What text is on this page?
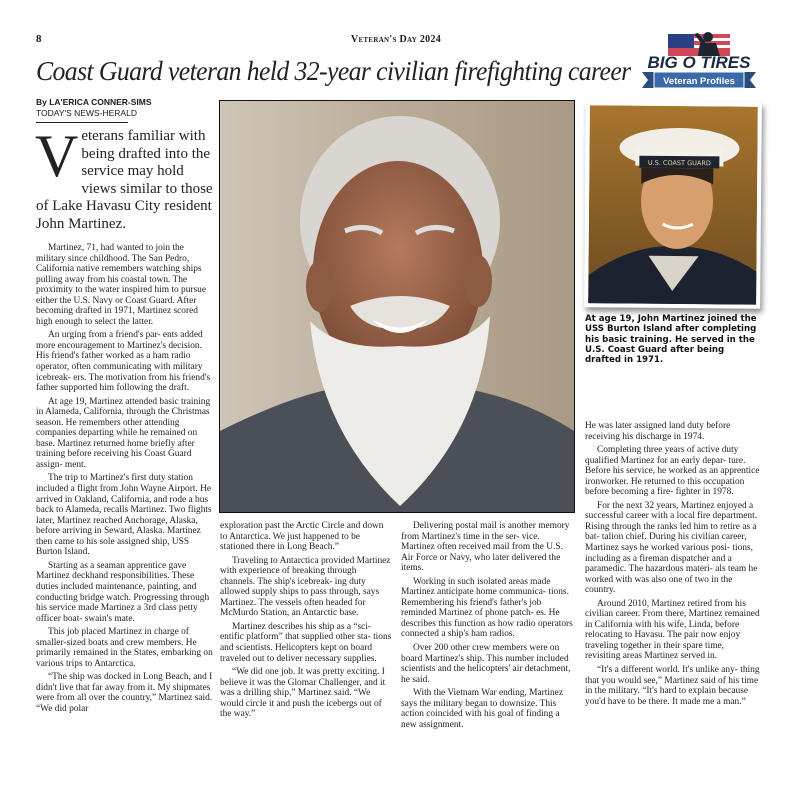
8	Veteran's Day 2024
Coast Guard veteran held 32-year civilian firefighting career BIG O TIRES
Veteran Profiles
By LA'ERICA CONNER-SIMS
TODAY'S NEWS-HERALD
Veterans familiar with being drafted into the service may hold views similar to those of Lake Havasu City resident John Martinez.

Martinez, 71, had wanted to join the military since childhood. The San Pedro, California native remembers watching ships pulling away from his coastal town. The proximity to the water inspired him to pursue either the U.S. Navy or Coast Guard. After becoming drafted in 1971, Martinez scored high enough to select the latter.

An urging from a friend's par- ents added more encouragement to Martinez's decision. His friend's father worked as a ham radio operator, often communicating with military icebreak- ers. The motivation from his friend's father supported him following the draft.

At age 19, Martinez attended basic training in Alameda, California, through the Christmas season. He remembers other attending companies departing while he remained on base. Martinez returned home briefly after training before receiving his Coast Guard assign- ment.

The trip to Martinez's first duty station included a flight from John Wayne Airport. He arrived in Oakland, California, and rode a bus back to Alameda, recalls Martinez. Two flights later, Martinez reached Anchorage, Alaska, before arriving in Seward, Alaska. Martinez then came to his sole assigned ship, USS Burton Island.

Starting as a seaman apprentice gave Martinez deckhand responsibilities. These duties included maintenance, painting, and conducting bridge watch. Progressing through his service made Martinez a 3rd class petty officer boat- swain's mate.

This job placed Martinez in charge of smaller-sized boats and crew members. He primarily remained in the States, embarking on various trips to Antarctica.

“The ship was docked in Long Beach, and I didn't live that far away from it. My shipmates were from all over the country,” Martinez said. “We did polar

U.S. COAST GUARD
At age 19, John Martinez joined the USS Burton Island after completing his basic training. He served in the U.S. Coast Guard after being drafted in 1971.

exploration past the Arctic Circle and down to Antarctica. We just happened to be stationed there in Long Beach.”

Traveling to Antarctica provided Martinez with experience of breaking through channels. The ship's icebreak- ing duty allowed supply ships to pass through, says Martinez. The vessels often headed for McMurdo Station, an Antarctic base.

Martinez describes his ship as a “sci- entific platform” that supplied other sta- tions and scientists. Helicopters kept on board traveled out to deliver necessary supplies.

“We did one job. It was pretty exciting. I believe it was the Glomar Challenger, and it was a drilling ship,” Martinez said. “We would circle it and push the icebergs out of the way.”

Delivering postal mail is another memory from Martinez's time in the ser- vice. Martinez often received mail from the U.S. Air Force or Navy, who later delivered the items.

Working in such isolated areas made Martinez anticipate home communica- tions. Remembering his friend's father's job reminded Martinez of phone patch- es. He describes this function as how radio operators connected a ship's ham radios.

Over 200 other crew members were on board Martinez's ship. This number included scientists and the helicopters' air detachment, he said.

With the Vietnam War ending, Martinez says the military began to downsize. This action coincided with his goal of finding a new assignment.

He was later assigned land duty before receiving his discharge in 1974.

Completing three years of active duty qualified Martinez for an early depar- ture. Before his service, he worked as an apprentice ironworker. He returned to this occupation before becoming a fire- fighter in 1978.

For the next 32 years, Martinez enjoyed a successful career with a local fire department. Rising through the ranks led him to retire as a bat- talion chief. During his civilian career, Martinez says he worked various posi- tions, including as a fireman dispatcher and a paramedic. The hazardous materi- als team he worked with was also one of two in the country.

Around 2010, Martinez retired from his civilian career. From there, Martinez remained in California with his wife, Linda, before relocating to Havasu. The pair now enjoy traveling together in their spare time, revisiting areas Martinez served in.

“It's a different world. It's unlike any- thing that you would see,” Martinez said of his time in the military. “It's hard to explain because you'd have to be there. It made me a man.”
